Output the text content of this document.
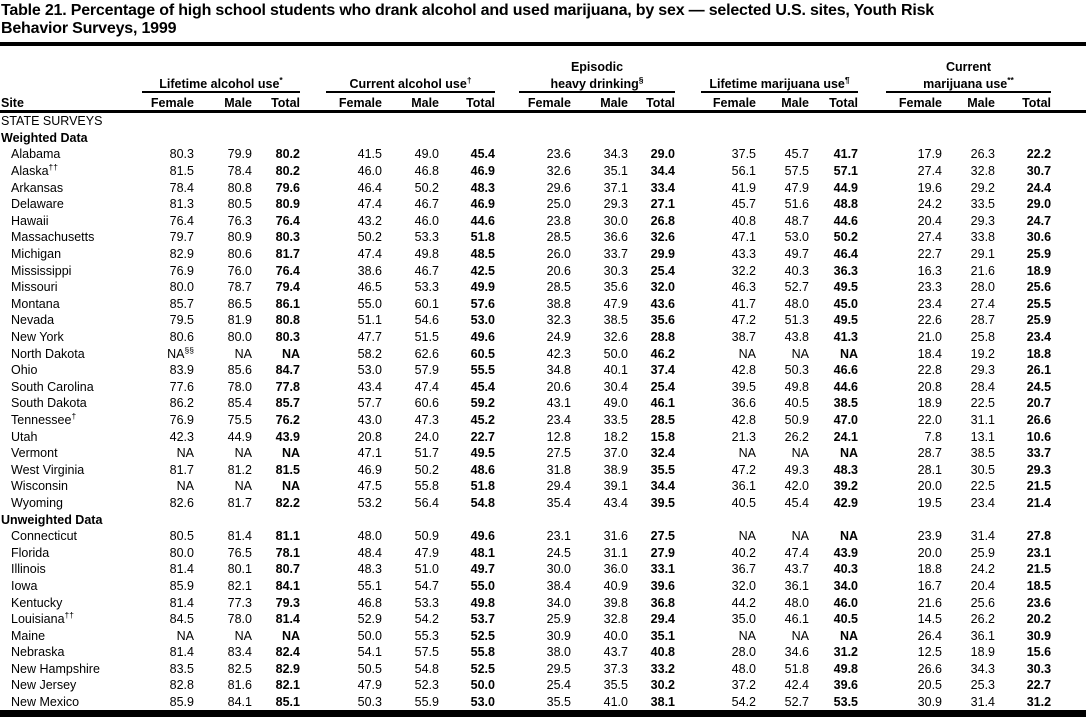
Table 21. Percentage of high school students who drank alcohol and used marijuana, by sex — selected U.S. sites, Youth Risk
Behavior Surveys, 1999
									Episodic								Current			
	Lifetime alcohol use*				Current alcohol use†				heavy drinking§				Lifetime marijuana use¶				marijuana use**	
Site	Female	Male	Total		Female	Male	Total		Female	Male	Total		Female	Male	Total		Female	Male	Total	
STATE SURVEYS																				
Weighted Data																				
Alabama	80.3	79.9	80.2		41.5	49.0	45.4		23.6	34.3	29.0		37.5	45.7	41.7		17.9	26.3	22.2	
Alaska††	81.5	78.4	80.2		46.0	46.8	46.9		32.6	35.1	34.4		56.1	57.5	57.1		27.4	32.8	30.7	
Arkansas	78.4	80.8	79.6		46.4	50.2	48.3		29.6	37.1	33.4		41.9	47.9	44.9		19.6	29.2	24.4	
Delaware	81.3	80.5	80.9		47.4	46.7	46.9		25.0	29.3	27.1		45.7	51.6	48.8		24.2	33.5	29.0	
Hawaii	76.4	76.3	76.4		43.2	46.0	44.6		23.8	30.0	26.8		40.8	48.7	44.6		20.4	29.3	24.7	
Massachusetts	79.7	80.9	80.3		50.2	53.3	51.8		28.5	36.6	32.6		47.1	53.0	50.2		27.4	33.8	30.6	
Michigan	82.9	80.6	81.7		47.4	49.8	48.5		26.0	33.7	29.9		43.3	49.7	46.4		22.7	29.1	25.9	
Mississippi	76.9	76.0	76.4		38.6	46.7	42.5		20.6	30.3	25.4		32.2	40.3	36.3		16.3	21.6	18.9	
Missouri	80.0	78.7	79.4		46.5	53.3	49.9		28.5	35.6	32.0		46.3	52.7	49.5		23.3	28.0	25.6	
Montana	85.7	86.5	86.1		55.0	60.1	57.6		38.8	47.9	43.6		41.7	48.0	45.0		23.4	27.4	25.5	
Nevada	79.5	81.9	80.8		51.1	54.6	53.0		32.3	38.5	35.6		47.2	51.3	49.5		22.6	28.7	25.9	
New York	80.6	80.0	80.3		47.7	51.5	49.6		24.9	32.6	28.8		38.7	43.8	41.3		21.0	25.8	23.4	
North Dakota	NA§§	NA	NA		58.2	62.6	60.5		42.3	50.0	46.2		NA	NA	NA		18.4	19.2	18.8	
Ohio	83.9	85.6	84.7		53.0	57.9	55.5		34.8	40.1	37.4		42.8	50.3	46.6		22.8	29.3	26.1	
South Carolina	77.6	78.0	77.8		43.4	47.4	45.4		20.6	30.4	25.4		39.5	49.8	44.6		20.8	28.4	24.5	
South Dakota	86.2	85.4	85.7		57.7	60.6	59.2		43.1	49.0	46.1		36.6	40.5	38.5		18.9	22.5	20.7	
Tennessee†	76.9	75.5	76.2		43.0	47.3	45.2		23.4	33.5	28.5		42.8	50.9	47.0		22.0	31.1	26.6	
Utah	42.3	44.9	43.9		20.8	24.0	22.7		12.8	18.2	15.8		21.3	26.2	24.1		7.8	13.1	10.6	
Vermont	NA	NA	NA		47.1	51.7	49.5		27.5	37.0	32.4		NA	NA	NA		28.7	38.5	33.7	
West Virginia	81.7	81.2	81.5		46.9	50.2	48.6		31.8	38.9	35.5		47.2	49.3	48.3		28.1	30.5	29.3	
Wisconsin	NA	NA	NA		47.5	55.8	51.8		29.4	39.1	34.4		36.1	42.0	39.2		20.0	22.5	21.5	
Wyoming	82.6	81.7	82.2		53.2	56.4	54.8		35.4	43.4	39.5		40.5	45.4	42.9		19.5	23.4	21.4	
Unweighted Data																				
Connecticut	80.5	81.4	81.1		48.0	50.9	49.6		23.1	31.6	27.5		NA	NA	NA		23.9	31.4	27.8	
Florida	80.0	76.5	78.1		48.4	47.9	48.1		24.5	31.1	27.9		40.2	47.4	43.9		20.0	25.9	23.1	
Illinois	81.4	80.1	80.7		48.3	51.0	49.7		30.0	36.0	33.1		36.7	43.7	40.3		18.8	24.2	21.5	
Iowa	85.9	82.1	84.1		55.1	54.7	55.0		38.4	40.9	39.6		32.0	36.1	34.0		16.7	20.4	18.5	
Kentucky	81.4	77.3	79.3		46.8	53.3	49.8		34.0	39.8	36.8		44.2	48.0	46.0		21.6	25.6	23.6	
Louisiana††	84.5	78.0	81.4		52.9	54.2	53.7		25.9	32.8	29.4		35.0	46.1	40.5		14.5	26.2	20.2	
Maine	NA	NA	NA		50.0	55.3	52.5		30.9	40.0	35.1		NA	NA	NA		26.4	36.1	30.9	
Nebraska	81.4	83.4	82.4		54.1	57.5	55.8		38.0	43.7	40.8		28.0	34.6	31.2		12.5	18.9	15.6	
New Hampshire	83.5	82.5	82.9		50.5	54.8	52.5		29.5	37.3	33.2		48.0	51.8	49.8		26.6	34.3	30.3	
New Jersey	82.8	81.6	82.1		47.9	52.3	50.0		25.4	35.5	30.2		37.2	42.4	39.6		20.5	25.3	22.7	
New Mexico	85.9	84.1	85.1		50.3	55.9	53.0		35.5	41.0	38.1		54.2	52.7	53.5		30.9	31.4	31.2	
